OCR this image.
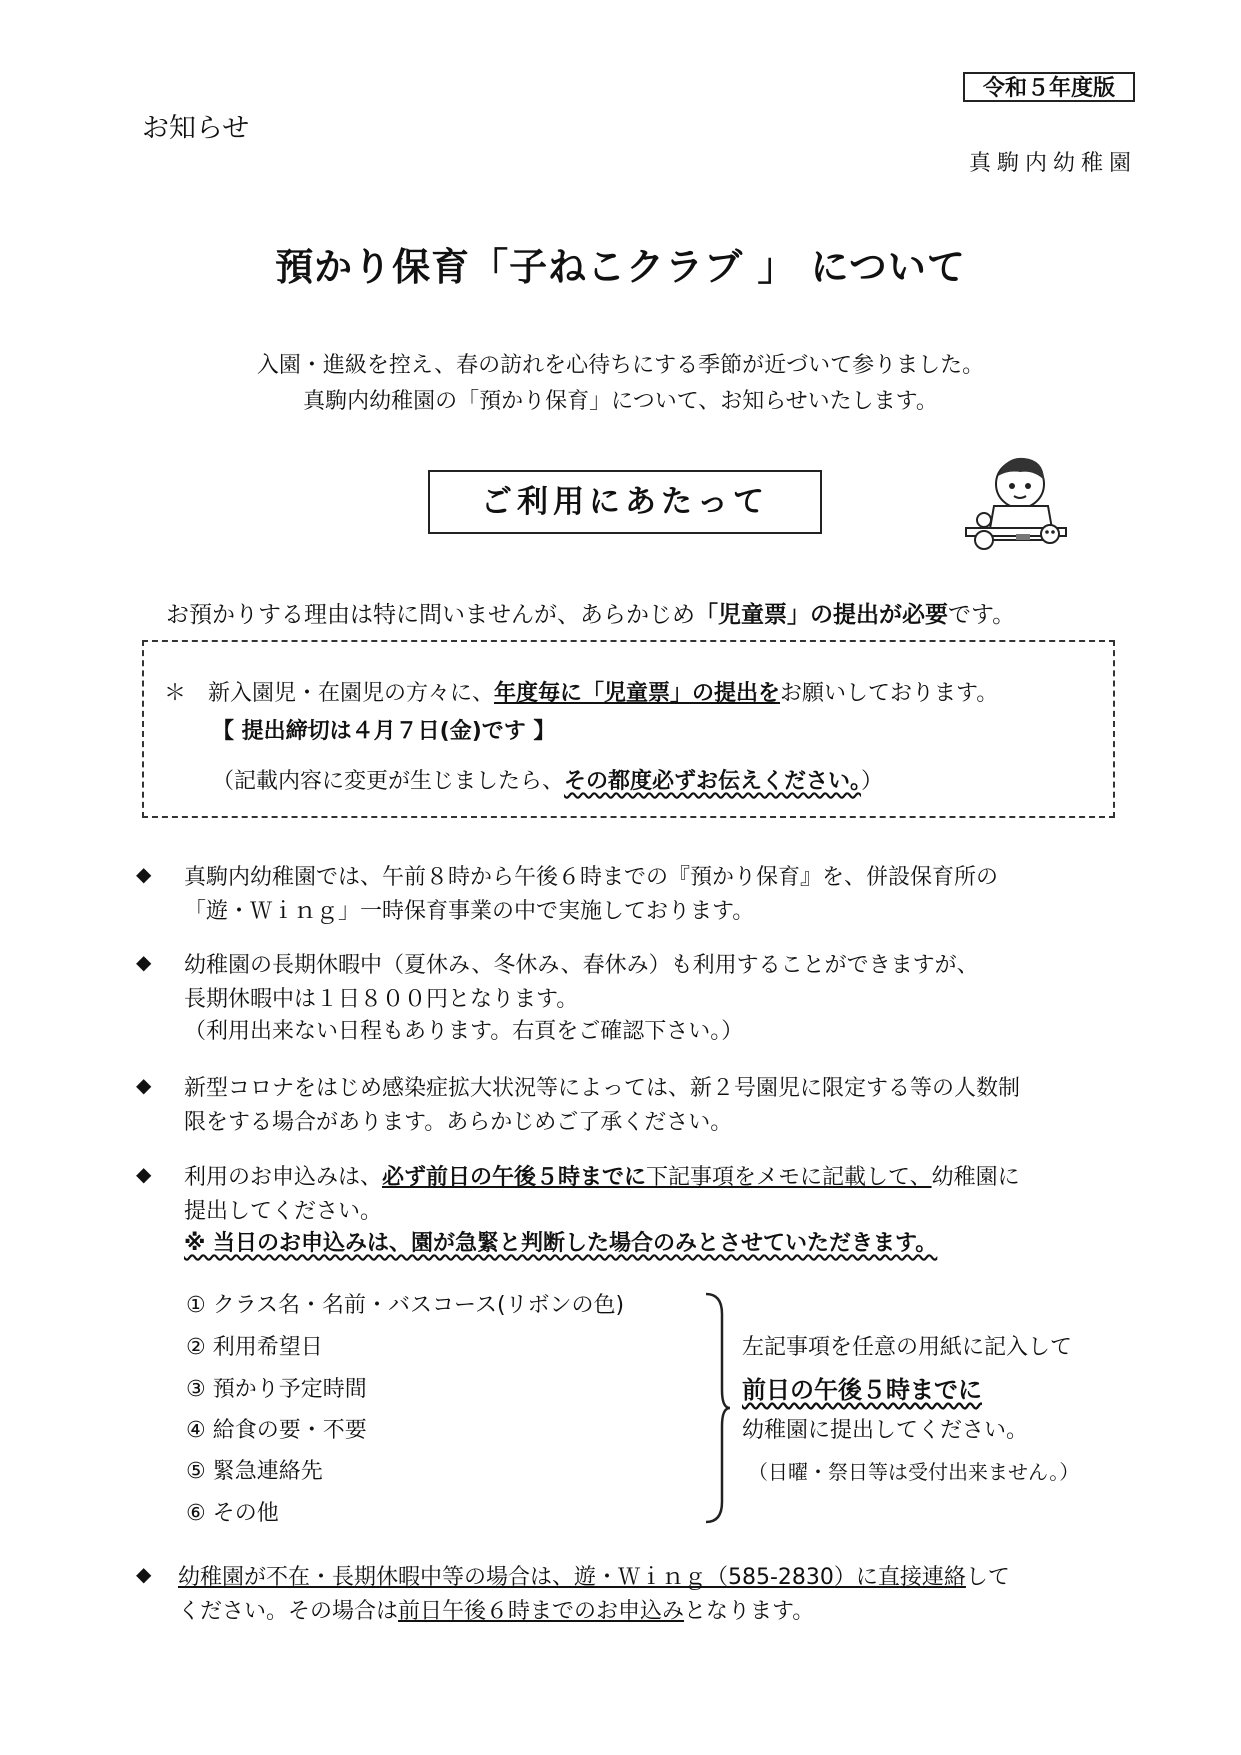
令和５年度版
お知らせ
真駒内幼稚園
預かり保育「子ねこクラブ 」 について
入園・進級を控え、春の訪れを心待ちにする季節が近づいて参りました。
真駒内幼稚園の「預かり保育」について、お知らせいたします。
ご利用にあたって
お預かりする理由は特に問いませんが、あらかじめ「児童票」の提出が必要です。
＊ 新入園児・在園児の方々に、年度毎に「児童票」の提出をお願いしております。
【 提出締切は４月７日(金)です 】
（記載内容に変更が生じましたら、その都度必ずお伝えください。）
◆ 真駒内幼稚園では、午前８時から午後６時までの『預かり保育』を、併設保育所の
「遊・Ｗｉｎｇ」一時保育事業の中で実施しております。
◆ 幼稚園の長期休暇中（夏休み、冬休み、春休み）も利用することができますが、
長期休暇中は１日８００円となります。
（利用出来ない日程もあります。右頁をご確認下さい。）
◆ 新型コロナをはじめ感染症拡大状況等によっては、新２号園児に限定する等の人数制
限をする場合があります。あらかじめご了承ください。
◆ 利用のお申込みは、必ず前日の午後５時までに下記事項をメモに記載して、幼稚園に
提出してください。
※ 当日のお申込みは、園が急緊と判断した場合のみとさせていただきます。
① クラス名・名前・バスコース(リボンの色)
② 利用希望日
③ 預かり予定時間
④ 給食の要・不要
⑤ 緊急連絡先
⑥ その他
左記事項を任意の用紙に記入して
前日の午後５時までに
幼稚園に提出してください。
（日曜・祭日等は受付出来ません。）
◆ 幼稚園が不在・長期休暇中等の場合は、遊・Ｗｉｎｇ（585-2830）に直接連絡して
ください。その場合は前日午後６時までのお申込みとなります。
